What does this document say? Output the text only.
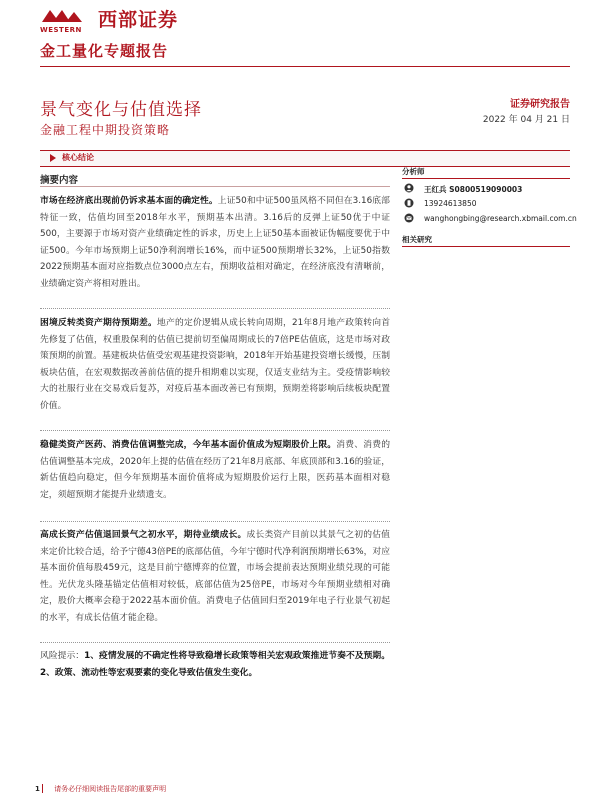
WESTERN 西部证券
金工量化专题报告
景气变化与估值选择
金融工程中期投资策略
证券研究报告
2022 年 04 月 21 日
核心结论
摘要内容
市场在经济底出现前仍诉求基本面的确定性。上证50和中证500虽风格不同但在3.16底部特征一致，估值均回至2018年水平，预期基本出清。3.16后的反弹上证50优于中证500，主要源于市场对资产业绩确定性的诉求，历史上上证50基本面被证伪幅度要优于中证500。今年市场预期上证50净利润增长16%，而中证500预期增长32%，上证50指数2022预期基本面对应指数点位3000点左右，预期收益相对确定，在经济底没有清晰前，业绩确定资产将相对胜出。
困境反转类资产期待预期差。地产的定价逻辑从成长转向周期，21年8月地产政策转向首先修复了估值，权重股保利的估值已提前切至偏周期成长的7倍PE估值底，这是市场对政策预期的前置。基建板块估值受宏观基建投资影响，2018年开始基建投资增长缓慢，压制板块估值，在宏观数据改善前估值的提升相期难以实现，仅适支业结为主。受疫情影响较大的社服行业在交易戏后复苏，对疫后基本面改善已有预期，预期差将影响后续板块配置价值。
稳健类资产医药、消费估值调整完成，今年基本面价值成为短期股价上限。消费、消费的估值调整基本完成，2020年上提的估值在经历了21年8月底部、年底顶部和3.16的验证，新估值趋向稳定，但今年预期基本面价值将成为短期股价运行上限，医药基本面相对稳定，须超预期才能提升业绩遗支。
高成长资产估值退回景气之初水平，期待业绩成长。成长类资产目前以其景气之初的估值来定价比较合适，给予宁德43倍PE的底部估值，今年宁德时代净利润预期增长63%，对应基本面价值每股459元，这是目前宁德博弈的位置，市场会提前表达预期业绩兑现的可能性。光伏龙头隆基锚定估值相对较低，底部估值为25倍PE，市场对今年预期业绩相对确定，股价大概率会稳于2022基本面价值。消费电子估值回归至2019年电子行业景气初起的水平，有成长估值才能企稳。
风险提示：1、疫情发展的不确定性将导致稳增长政策等相关宏观政策推进节奏不及预期。2、政策、流动性等宏观要素的变化导致估值发生变化。
分析师
王红兵 S0800519090003
13924613850
wanghongbing@research.xbmail.com.cn
相关研究
1 请务必仔细阅读报告尾部的重要声明
